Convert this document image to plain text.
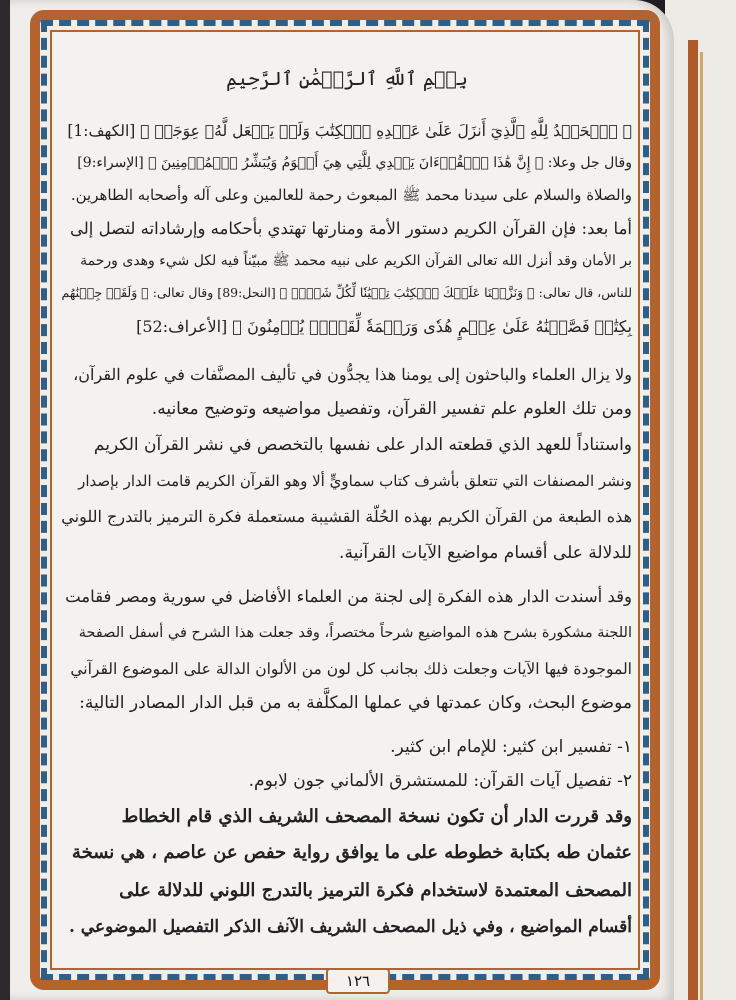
بِسۡمِ ٱللَّهِ ٱلرَّحۡمَٰنِ ٱلرَّحِيمِ
﴿ ٱلۡحَمۡدُ لِلَّهِ ٱلَّذِيٓ أَنزَلَ عَلَىٰ عَبۡدِهِ ٱلۡكِتَٰبَ وَلَمۡ يَجۡعَل لَّهُۥ عِوَجَاۜ ﴾ [الكهف:1]
وقال جل وعلا: ﴿ إِنَّ هَٰذَا ٱلۡقُرۡءَانَ يَهۡدِي لِلَّتِي هِيَ أَقۡوَمُ وَيُبَشِّرُ ٱلۡمُؤۡمِنِينَ ﴾ [الإسراء:9]
والصلاة والسلام على سيدنا محمد ﷺ المبعوث رحمة للعالمين وعلى آله وأصحابه الطاهرين.
أما بعد: فإن القرآن الكريم دستور الأمة ومنارتها تهتدي بأحكامه وإرشاداته لتصل إلى
بر الأمان وقد أنزل الله تعالى القرآن الكريم على نبيه محمد ﷺ مبيّناً فيه لكل شيء وهدى ورحمة
للناس، قال تعالى: ﴿ وَنَزَّلۡنَا عَلَيۡكَ ٱلۡكِتَٰبَ تِبۡيَٰنٗا لِّكُلِّ شَيۡءٖ ﴾ [النحل:89] وقال تعالى: ﴿ وَلَقَدۡ جِئۡنَٰهُم
بِكِتَٰبٖ فَصَّلۡنَٰهُ عَلَىٰ عِلۡمٍ هُدٗى وَرَحۡمَةٗ لِّقَوۡمٖ يُؤۡمِنُونَ ﴾ [الأعراف:52]
ولا يزال العلماء والباحثون إلى يومنا هذا يجدُّون في تأليف المصنَّفات في علوم القرآن،
ومن تلك العلوم علم تفسير القرآن، وتفصيل مواضيعه وتوضيح معانيه.
واستناداً للعهد الذي قطعته الدار على نفسها بالتخصص في نشر القرآن الكريم
ونشر المصنفات التي تتعلق بأشرف كتاب سماويٍّ ألا وهو القرآن الكريم قامت الدار بإصدار
هذه الطبعة من القرآن الكريم بهذه الحُلّة القشيبة مستعملة فكرة الترميز بالتدرج اللوني
للدلالة على أقسام مواضيع الآيات القرآنية.
وقد أسندت الدار هذه الفكرة إلى لجنة من العلماء الأفاضل في سورية ومصر فقامت
اللجنة مشكورة بشرح هذه المواضيع شرحاً مختصراً، وقد جعلت هذا الشرح في أسفل الصفحة
الموجودة فيها الآيات وجعلت ذلك بجانب كل لون من الألوان الدالة على الموضوع القرآني
موضوع البحث، وكان عمدتها في عملها المكلَّفة به من قبل الدار المصادر التالية:
١- تفسير ابن كثير: للإمام ابن كثير.
٢- تفصيل آيات القرآن: للمستشرق الألماني جون لابوم.
وقد قررت الدار أن تكون نسخة المصحف الشريف الذي قام الخطاط
عثمان طه بكتابة خطوطه على ما يوافق رواية حفص عن عاصم ، هي نسخة
المصحف المعتمدة لاستخدام فكرة الترميز بالتدرج اللوني للدلالة على
أقسام المواضيع ، وفي ذيل المصحف الشريف الآنف الذكر التفصيل الموضوعي .
١٢٦
